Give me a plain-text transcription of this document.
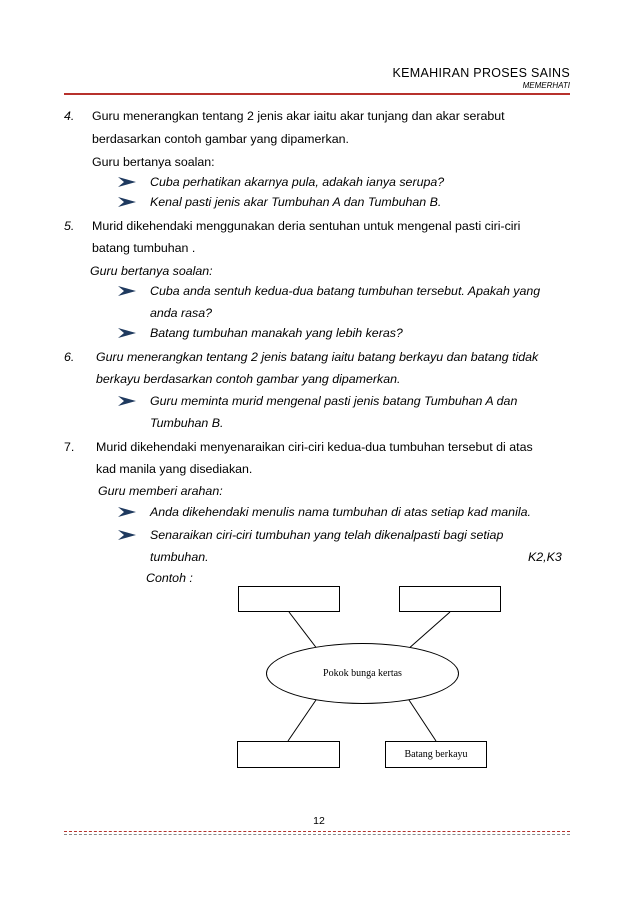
KEMAHIRAN PROSES SAINS
MEMERHATI
4. Guru menerangkan tentang 2 jenis akar iaitu akar tunjang dan akar serabut
berdasarkan contoh gambar yang dipamerkan.
Guru bertanya soalan:
Cuba perhatikan akarnya pula, adakah ianya serupa?
Kenal pasti jenis akar Tumbuhan A dan Tumbuhan B.
5. Murid dikehendaki menggunakan deria sentuhan untuk mengenal pasti ciri-ciri
batang tumbuhan .
Guru bertanya soalan:
Cuba anda sentuh kedua-dua batang tumbuhan tersebut. Apakah yang
anda rasa?
Batang tumbuhan manakah yang lebih keras?
6. Guru menerangkan tentang 2 jenis batang iaitu batang berkayu dan batang tidak
berkayu berdasarkan contoh gambar yang dipamerkan.
Guru meminta murid mengenal pasti jenis batang Tumbuhan A dan
Tumbuhan B.
7. Murid dikehendaki menyenaraikan ciri-ciri kedua-dua tumbuhan tersebut di atas
kad manila yang disediakan.
Guru memberi arahan:
Anda dikehendaki menulis nama tumbuhan di atas setiap kad manila.
Senaraikan ciri-ciri tumbuhan yang telah dikenalpasti bagi setiap
tumbuhan.	K2,K3
Contoh :
Pokok bunga kertas
Batang berkayu
12
